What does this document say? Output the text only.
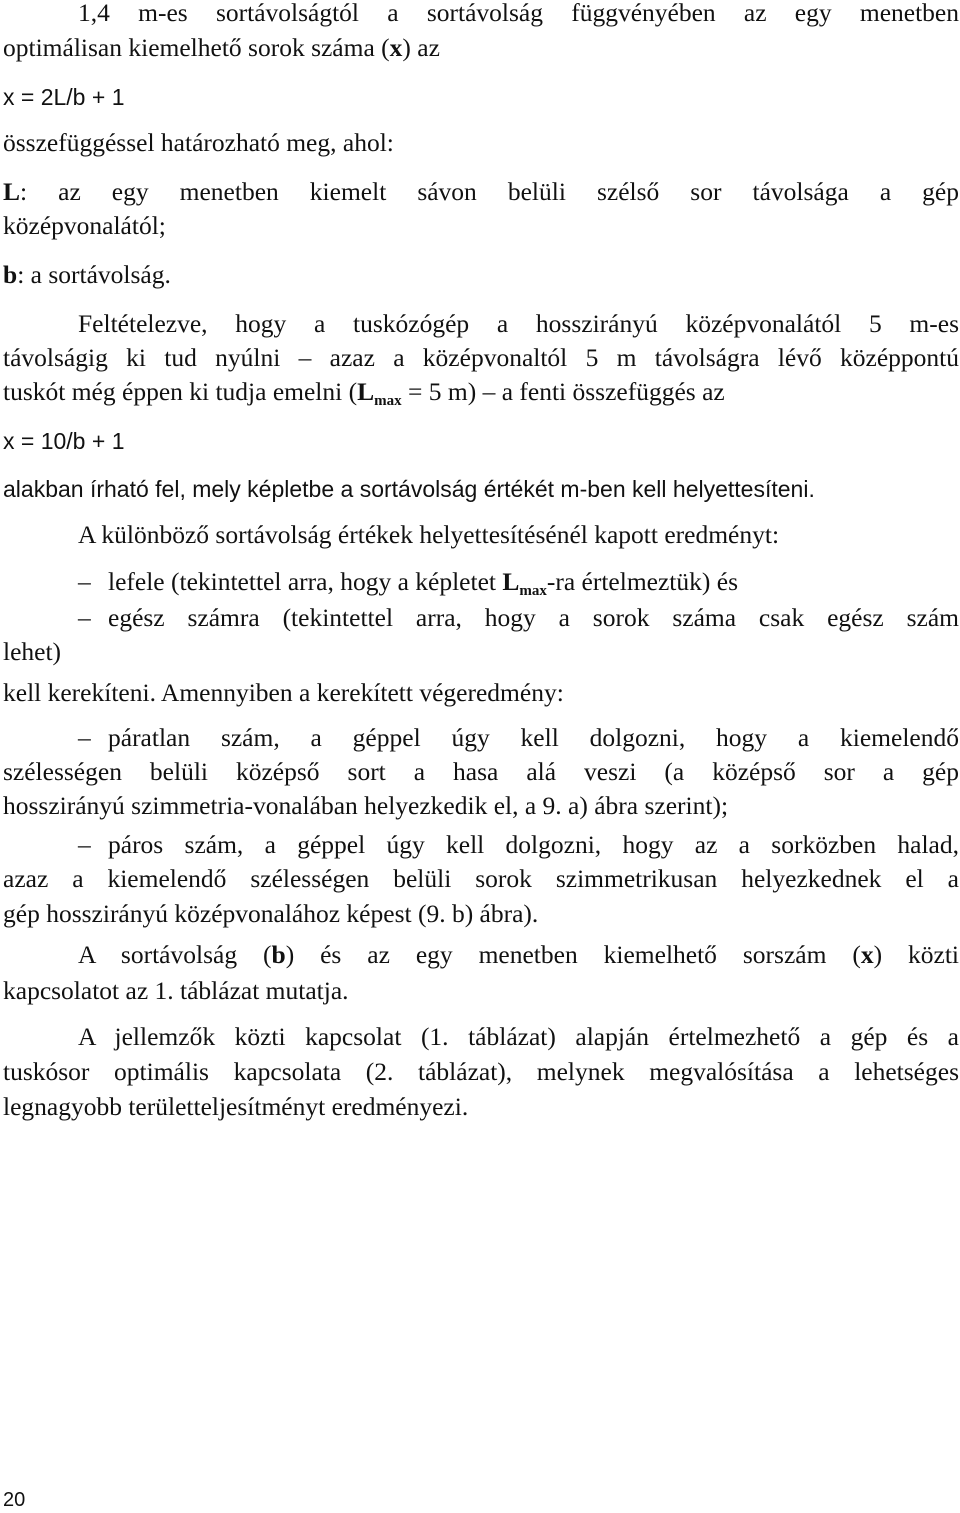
1,4 m-es sortávolságtól a sortávolság függvényében az egy menetben
optimálisan kiemelhető sorok száma (x) az
x = 2L/b + 1
összefüggéssel határozható meg, ahol:
L: az egy menetben kiemelt sávon belüli szélső sor távolsága a gép
középvonalától;
b: a sortávolság.
Feltételezve, hogy a tuskózógép a hosszirányú középvonalától 5 m-es
távolságig ki tud nyúlni – azaz a középvonaltól 5 m távolságra lévő középpontú
tuskót még éppen ki tudja emelni ($L_{max} = 5$ m) – a fenti összefüggés az
x = 10/b + 1
alakban írható fel, mely képletbe a sortávolság értékét m-ben kell helyettesíteni.
A különböző sortávolság értékek helyettesítésénél kapott eredményt:
– lefele (tekintettel arra, hogy a képletet $L_{max}-ra$ értelmeztük) és
– egész számra (tekintettel arra, hogy a sorok száma csak egész szám
lehet)
kell kerekíteni. Amennyiben a kerekített végeredmény:
– páratlan szám, a géppel úgy kell dolgozni, hogy a kiemelendő
szélességen belüli középső sort a hasa alá veszi (a középső sor a gép
hosszirányú szimmetria-vonalában helyezkedik el, a 9. a) ábra szerint);
– páros szám, a géppel úgy kell dolgozni, hogy az a sorközben halad,
azaz a kiemelendő szélességen belüli sorok szimmetrikusan helyezkednek el a
gép hosszirányú középvonalához képest (9. b) ábra).
A sortávolság (b) és az egy menetben kiemelhető sorszám (x) közti
kapcsolatot az 1. táblázat mutatja.
A jellemzők közti kapcsolat (1. táblázat) alapján értelmezhető a gép és a
tuskósor optimális kapcsolata (2. táblázat), melynek megvalósítása a lehetséges
legnagyobb területteljesítményt eredményezi.
20
